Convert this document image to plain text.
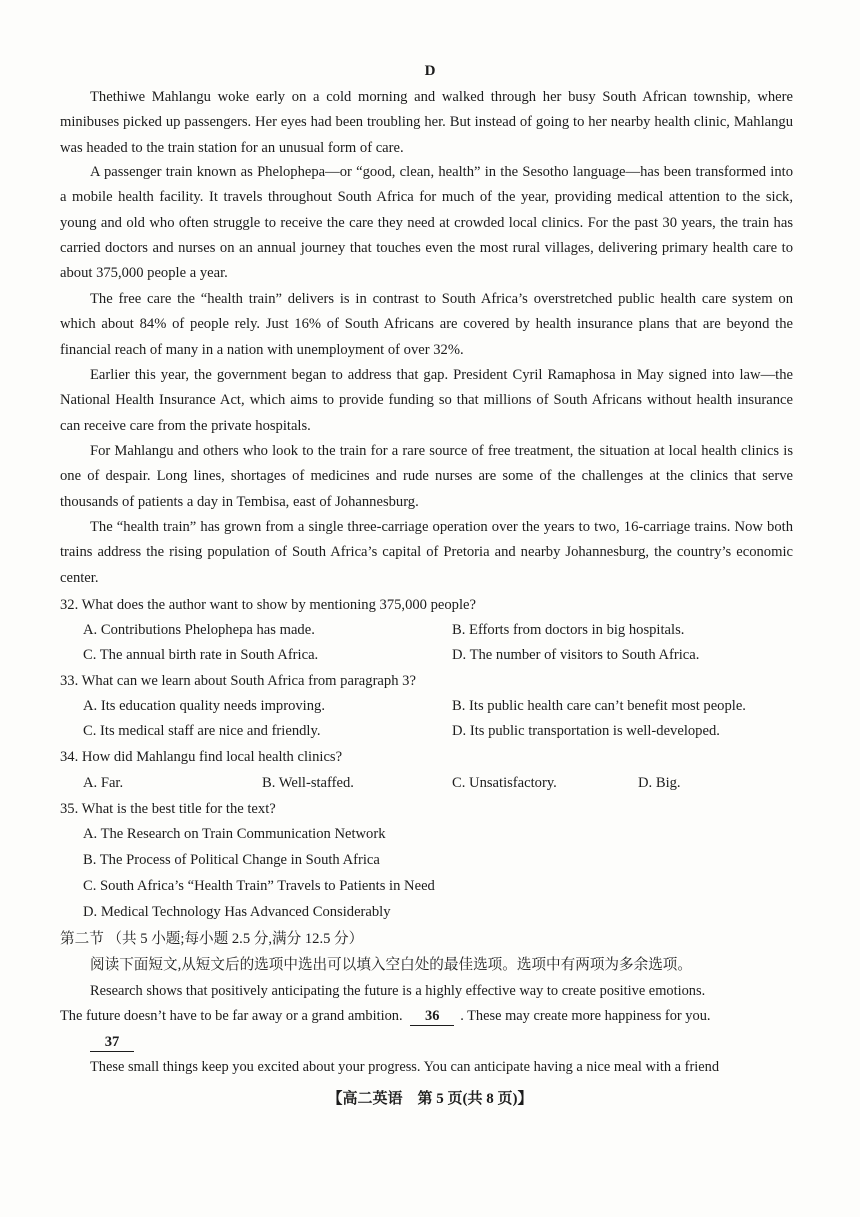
D

Thethiwe Mahlangu woke early on a cold morning and walked through her busy South African township, where minibuses picked up passengers. Her eyes had been troubling her. But instead of going to her nearby health clinic, Mahlangu was headed to the train station for an unusual form of care.

A passenger train known as Phelophepa—or “good, clean, health” in the Sesotho language—has been transformed into a mobile health facility. It travels throughout South Africa for much of the year, providing medical attention to the sick, young and old who often struggle to receive the care they need at crowded local clinics. For the past 30 years, the train has carried doctors and nurses on an annual journey that touches even the most rural villages, delivering primary health care to about 375,000 people a year.

The free care the “health train” delivers is in contrast to South Africa’s overstretched public health care system on which about 84% of people rely. Just 16% of South Africans are covered by health insurance plans that are beyond the financial reach of many in a nation with unemployment of over 32%.

Earlier this year, the government began to address that gap. President Cyril Ramaphosa in May signed into law—the National Health Insurance Act, which aims to provide funding so that millions of South Africans without health insurance can receive care from the private hospitals.

For Mahlangu and others who look to the train for a rare source of free treatment, the situation at local health clinics is one of despair. Long lines, shortages of medicines and rude nurses are some of the challenges at the clinics that serve thousands of patients a day in Tembisa, east of Johannesburg.

The “health train” has grown from a single three-carriage operation over the years to two, 16-carriage trains. Now both trains address the rising population of South Africa’s capital of Pretoria and nearby Johannesburg, the country’s economic center.

32. What does the author want to show by mentioning 375,000 people?
A. Contributions Phelophepa has made.	B. Efforts from doctors in big hospitals.
C. The annual birth rate in South Africa.	D. The number of visitors to South Africa.
33. What can we learn about South Africa from paragraph 3?
A. Its education quality needs improving.	B. Its public health care can’t benefit most people.
C. Its medical staff are nice and friendly.	D. Its public transportation is well-developed.
34. How did Mahlangu find local health clinics?
A. Far.	B. Well-staffed.	C. Unsatisfactory.	D. Big.
35. What is the best title for the text?
A. The Research on Train Communication Network
B. The Process of Political Change in South Africa
C. South Africa’s “Health Train” Travels to Patients in Need
D. Medical Technology Has Advanced Considerably
第二节 （共 5 小题;每小题 2.5 分,满分 12.5 分）
阅读下面短文,从短文后的选项中选出可以填入空白处的最佳选项。选项中有两项为多余选项。
Research shows that positively anticipating the future is a highly effective way to create positive emotions.
The future doesn’t have to be far away or a grand ambition. 36 . These may create more happiness for you.
37
These small things keep you excited about your progress. You can anticipate having a nice meal with a friend
【高二英语　第 5 页(共 8 页)】
